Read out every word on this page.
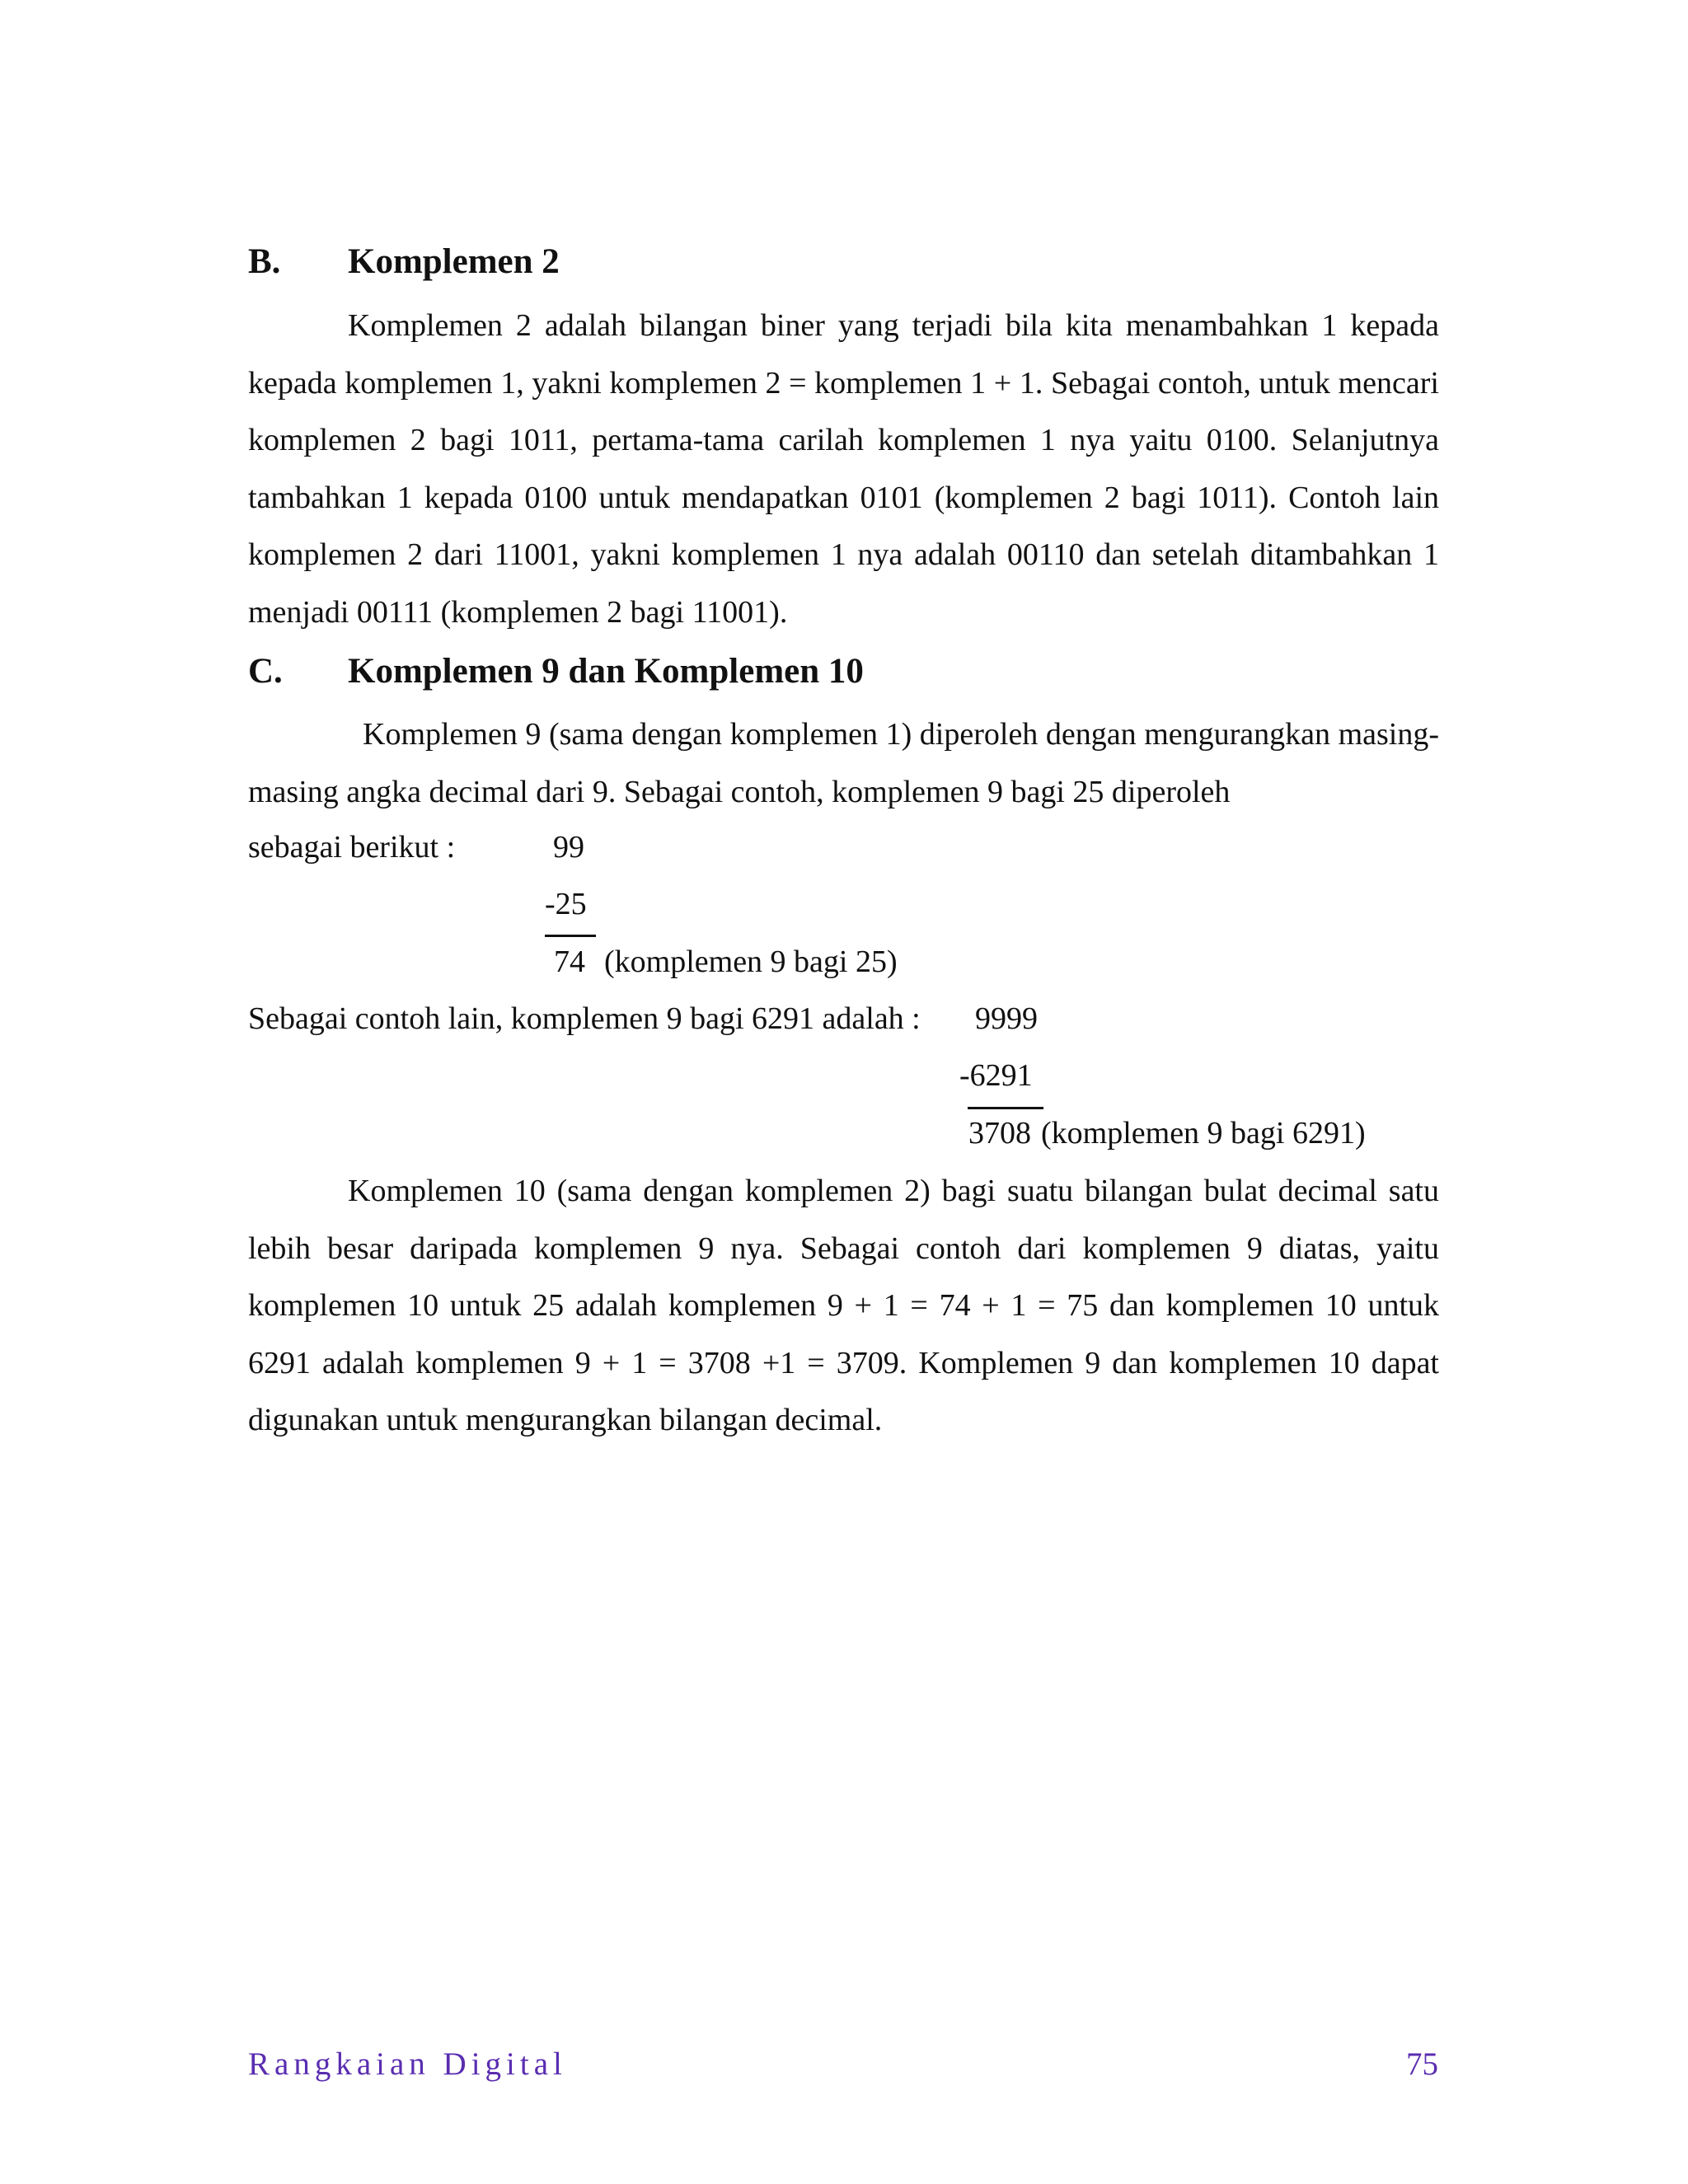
B. Komplemen 2

Komplemen 2 adalah bilangan biner yang terjadi bila kita menambahkan 1 kepada kepada komplemen 1, yakni komplemen 2 = komplemen 1 + 1. Sebagai contoh, untuk mencari komplemen 2 bagi 1011, pertama-tama carilah komplemen 1 nya yaitu 0100. Selanjutnya tambahkan 1 kepada 0100 untuk mendapatkan 0101 (komplemen 2 bagi 1011). Contoh lain komplemen 2 dari 11001, yakni komplemen 1 nya adalah 00110 dan setelah ditambahkan 1 menjadi 00111 (komplemen 2 bagi 11001).

C. Komplemen 9 dan Komplemen 10

Komplemen 9 (sama dengan komplemen 1) diperoleh dengan mengurangkan masing-masing angka decimal dari 9. Sebagai contoh, komplemen 9 bagi 25 diperoleh

sebagai berikut :	99
-25
74 (komplemen 9 bagi 25)
Sebagai contoh lain, komplemen 9 bagi 6291 adalah : 9999
-6291
3708 (komplemen 9 bagi 6291)

Komplemen 10 (sama dengan komplemen 2) bagi suatu bilangan bulat decimal satu lebih besar daripada komplemen 9 nya. Sebagai contoh dari komplemen 9 diatas, yaitu komplemen 10 untuk 25 adalah komplemen 9 + 1 = 74 + 1 = 75 dan komplemen 10 untuk 6291 adalah komplemen 9 + 1 = 3708 +1 = 3709. Komplemen 9 dan komplemen 10 dapat digunakan untuk mengurangkan bilangan decimal.

Rangkaian Digital	75
